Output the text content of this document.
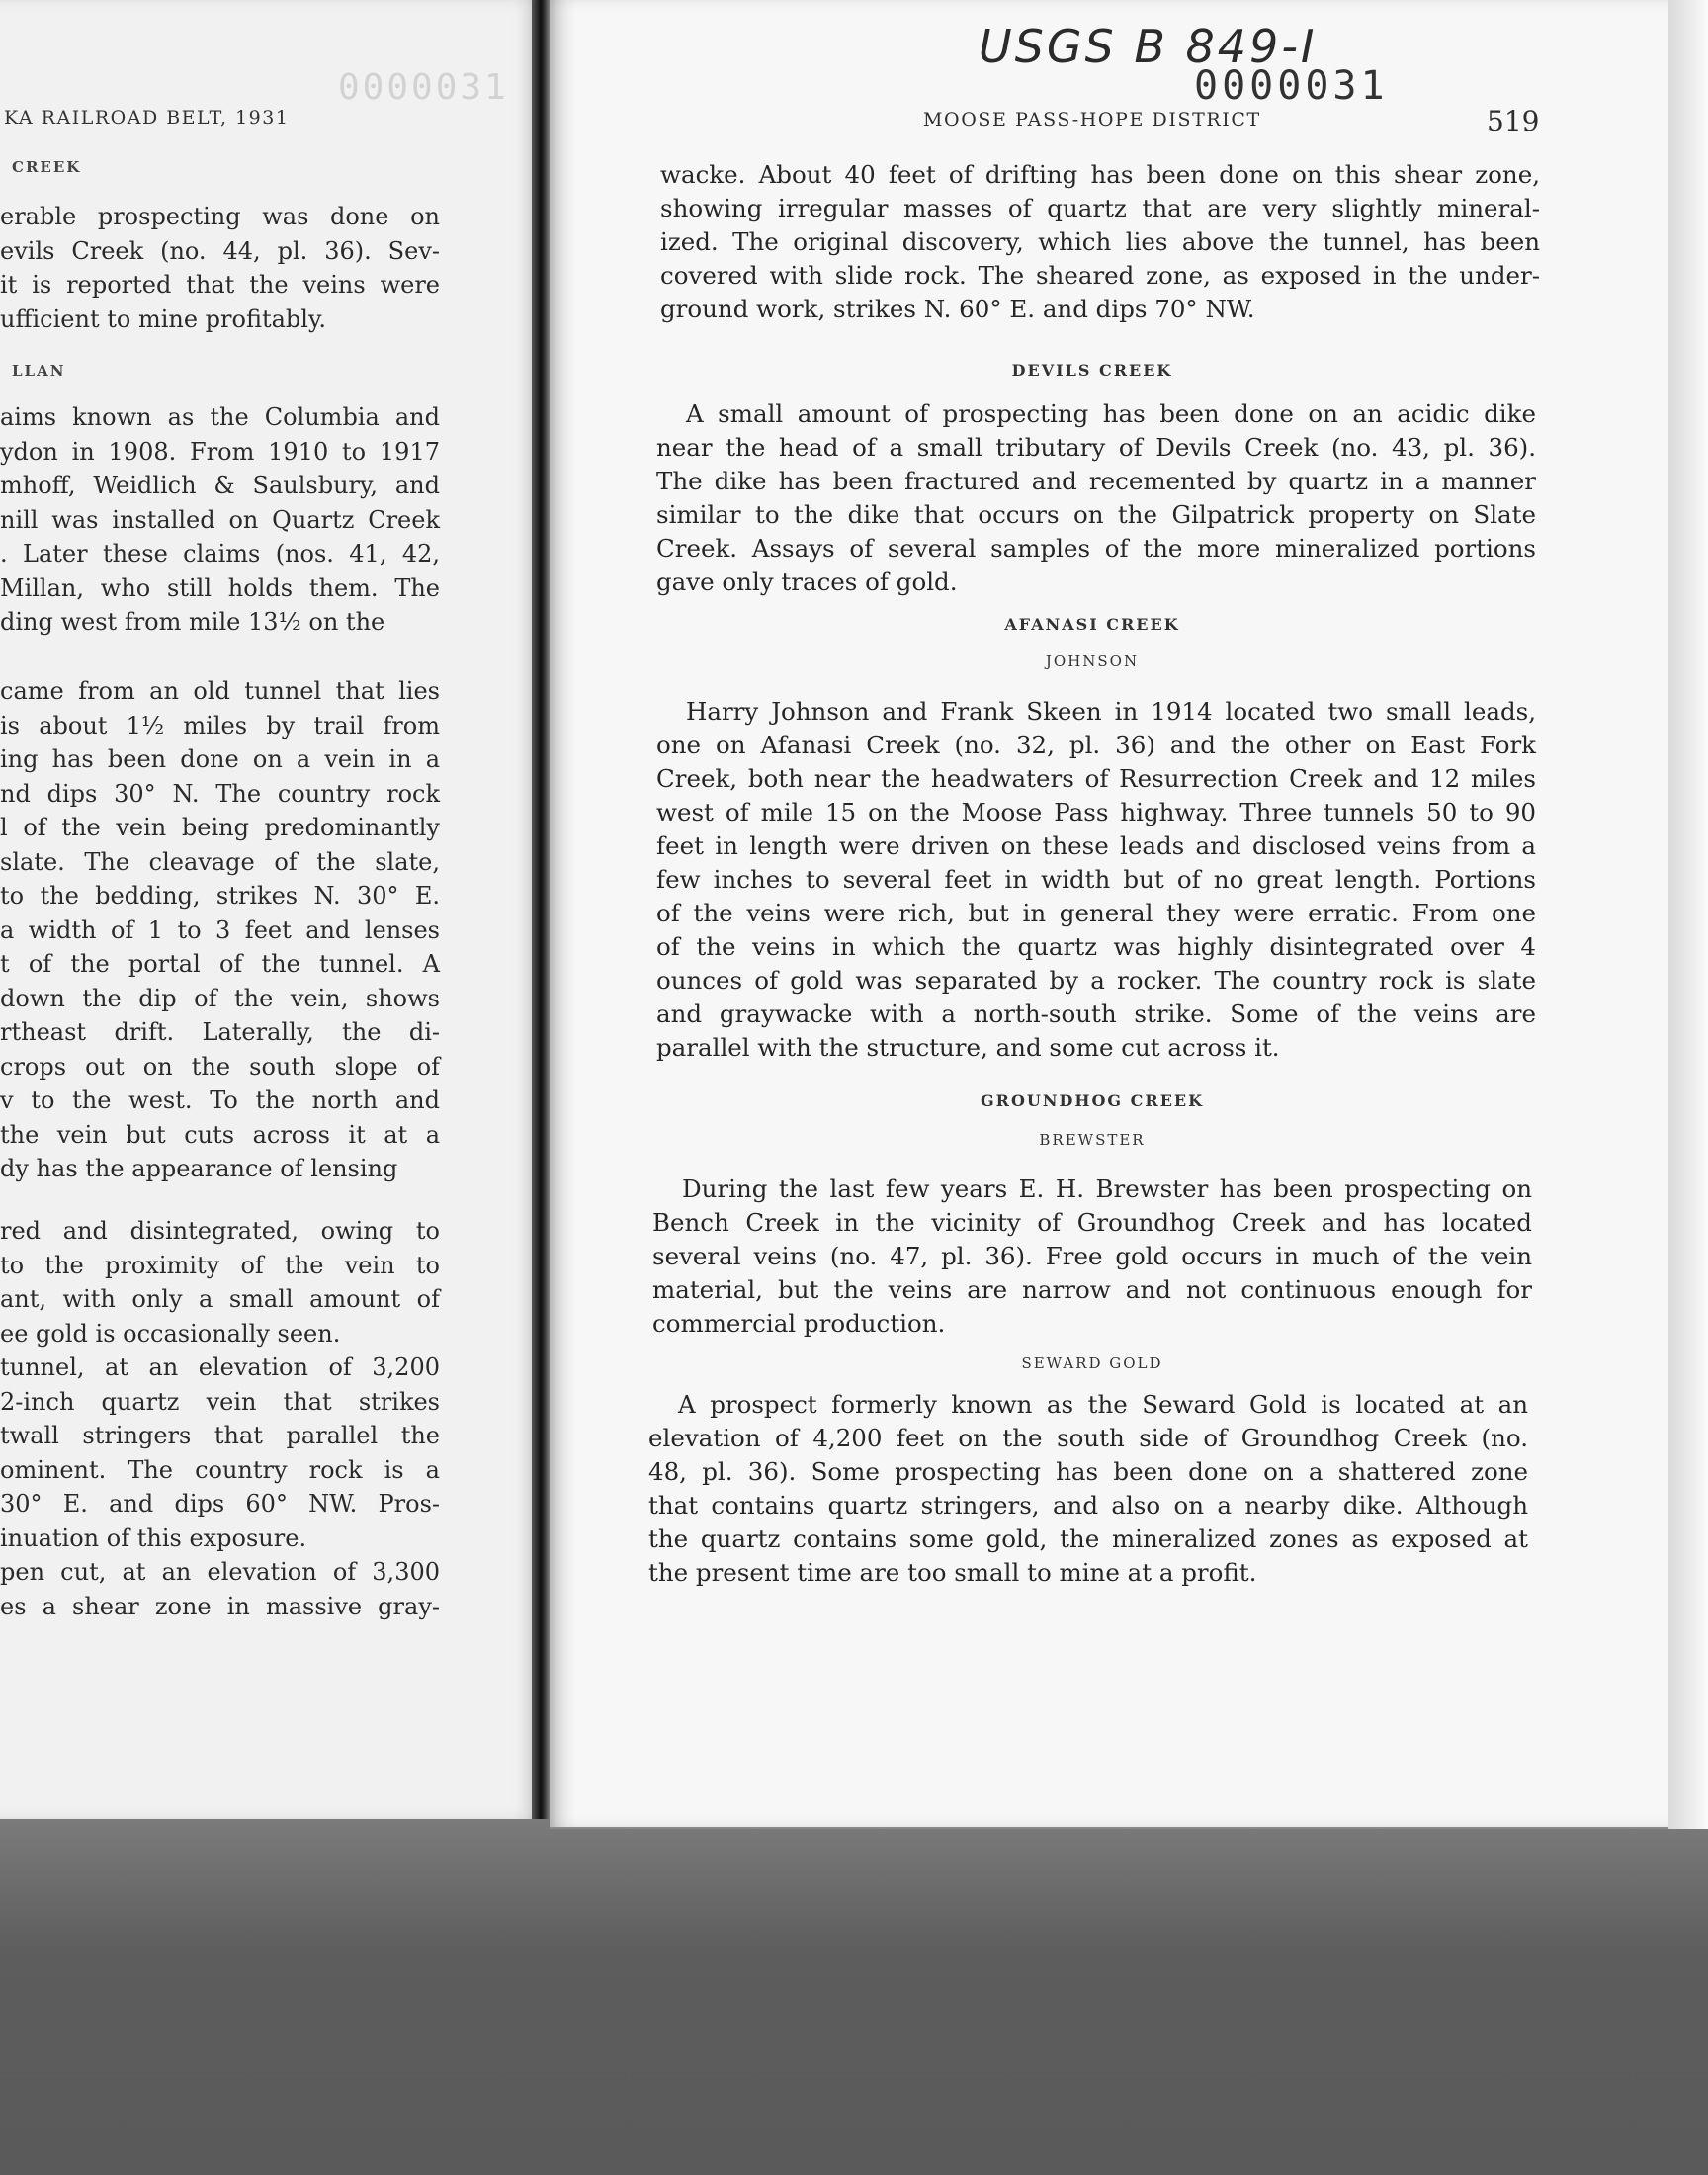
0000031
KA RAILROAD BELT, 1931
CREEK
erable prospecting was done on
evils Creek (no. 44, pl. 36). Sev-
it is reported that the veins were
ufficient to mine profitably.
aims known as the Columbia and
ydon in 1908. From 1910 to 1917
mhoff, Weidlich & Saulsbury, and
nill was installed on Quartz Creek
. Later these claims (nos. 41, 42,
Millan, who still holds them. The
ding west from mile 13½ on the
came from an old tunnel that lies
is about 1½ miles by trail from
ing has been done on a vein in a
nd dips 30° N. The country rock
l of the vein being predominantly
slate. The cleavage of the slate,
to the bedding, strikes N. 30° E.
a width of 1 to 3 feet and lenses
t of the portal of the tunnel. A
down the dip of the vein, shows
rtheast drift. Laterally, the di-
crops out on the south slope of
v to the west. To the north and
the vein but cuts across it at a
dy has the appearance of lensing
red and disintegrated, owing to
to the proximity of the vein to
ant, with only a small amount of
ee gold is occasionally seen.
tunnel, at an elevation of 3,200
2-inch quartz vein that strikes
twall stringers that parallel the
ominent. The country rock is a
30° E. and dips 60° NW. Pros-
inuation of this exposure.
pen cut, at an elevation of 3,300
es a shear zone in massive gray-
LLAN
USGS B 849-I
0000031
MOOSE PASS-HOPE DISTRICT	519
DEVILS CREEK
AFANASI CREEK
JOHNSON
GROUNDHOG CREEK
BREWSTER
SEWARD GOLD
wacke. About 40 feet of drifting has been done on this shear zone,
showing irregular masses of quartz that are very slightly mineral-
ized. The original discovery, which lies above the tunnel, has been
covered with slide rock. The sheared zone, as exposed in the under-
ground work, strikes N. 60° E. and dips 70° NW.
A small amount of prospecting has been done on an acidic dike
near the head of a small tributary of Devils Creek (no. 43, pl. 36).
The dike has been fractured and recemented by quartz in a manner
similar to the dike that occurs on the Gilpatrick property on Slate
Creek. Assays of several samples of the more mineralized portions
gave only traces of gold.
Harry Johnson and Frank Skeen in 1914 located two small leads,
one on Afanasi Creek (no. 32, pl. 36) and the other on East Fork
Creek, both near the headwaters of Resurrection Creek and 12 miles
west of mile 15 on the Moose Pass highway. Three tunnels 50 to 90
feet in length were driven on these leads and disclosed veins from a
few inches to several feet in width but of no great length. Portions
of the veins were rich, but in general they were erratic. From one
of the veins in which the quartz was highly disintegrated over 4
ounces of gold was separated by a rocker. The country rock is slate
and graywacke with a north-south strike. Some of the veins are
parallel with the structure, and some cut across it.
During the last few years E. H. Brewster has been prospecting on
Bench Creek in the vicinity of Groundhog Creek and has located
several veins (no. 47, pl. 36). Free gold occurs in much of the vein
material, but the veins are narrow and not continuous enough for
commercial production.
A prospect formerly known as the Seward Gold is located at an
elevation of 4,200 feet on the south side of Groundhog Creek (no.
48, pl. 36). Some prospecting has been done on a shattered zone
that contains quartz stringers, and also on a nearby dike. Although
the quartz contains some gold, the mineralized zones as exposed at
the present time are too small to mine at a profit.
